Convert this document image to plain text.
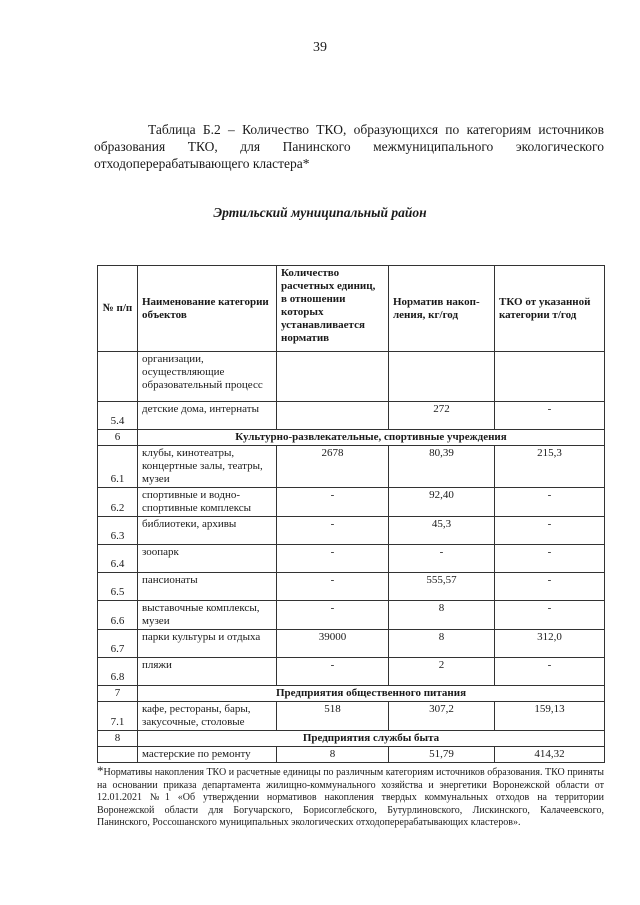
39
Таблица Б.2 – Количество ТКО, образующихся по категориям источников образования ТКО, для Панинского межмуниципального экологического отходоперерабатывающего кластера*
Эртильский муниципальный район
№ п/п	Наименование категории объектов	Количество расчетных единиц, в отношении которых устанавливается норматив	Норматив накоп-ления, кг/год	ТКО от указанной категории т/год
	организации, осуществляющие образовательный процесс			
5.4	детские дома, интернаты		272	-
6	Культурно-развлекательные, спортивные учреждения			
6.1	клубы, кинотеатры, концертные залы, театры, музеи	2678	80,39	215,3
6.2	спортивные и водно-спортивные комплексы	-	92,40	-
6.3	библиотеки, архивы	-	45,3	-
6.4	зоопарк	-	-	-
6.5	пансионаты	-	555,57	-
6.6	выставочные комплексы, музеи	-	8	-
6.7	парки культуры и отдыха	39000	8	312,0
6.8	пляжи	-	2	-
7	Предприятия общественного питания			
7.1	кафе, рестораны, бары, закусочные, столовые	518	307,2	159,13
8	Предприятия службы быта			
	мастерские по ремонту	8	51,79	414,32
*Нормативы накопления ТКО и расчетные единицы по различным категориям источников образования. ТКО приняты на основании приказа департамента жилищно-коммунального хозяйства и энергетики Воронежской области от 12.01.2021 №1 «Об утверждении нормативов накопления твердых коммунальных отходов на территории Воронежской области для Богучарского, Борисоглебского, Бутурлиновского, Лискинского, Калачеевского, Панинского, Россошанского муниципальных экологических отходоперерабатывающих кластеров».
